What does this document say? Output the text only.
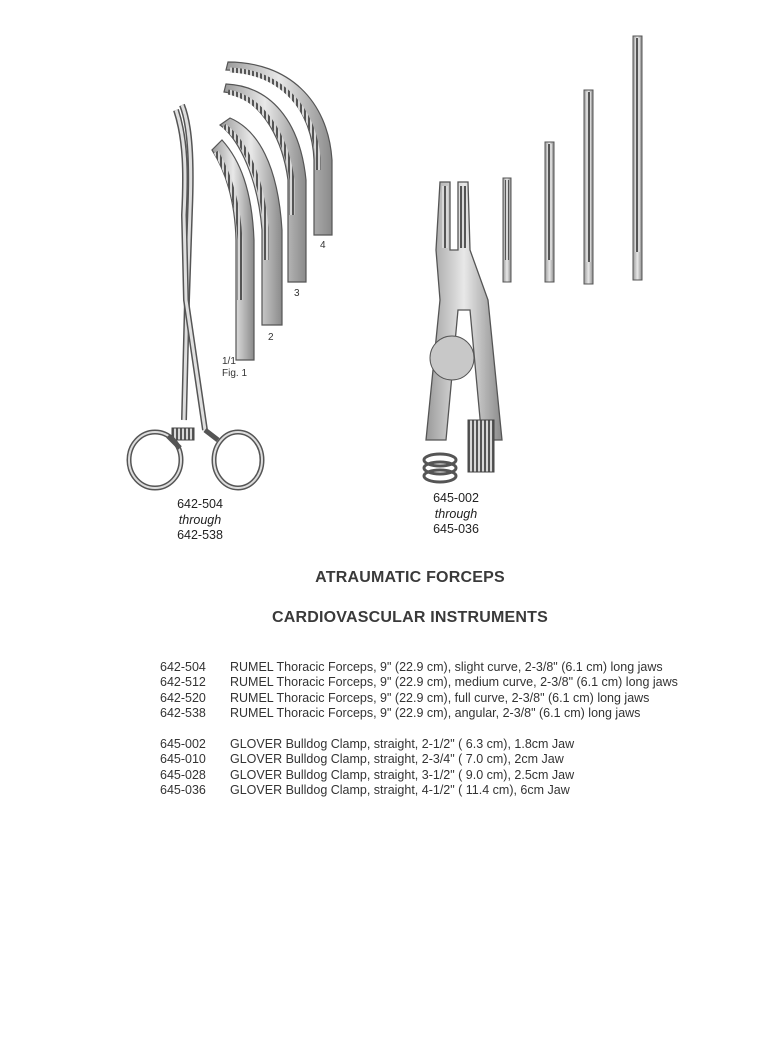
2
3
4
1/1
Fig. 1
642-504
through
642-538
645-002
through
645-036
ATRAUMATIC FORCEPS
CARDIOVASCULAR INSTRUMENTS
642-504	RUMEL Thoracic Forceps, 9" (22.9 cm), slight curve, 2-3/8" (6.1 cm) long jaws
642-512	RUMEL Thoracic Forceps, 9" (22.9 cm), medium curve, 2-3/8" (6.1 cm) long jaws
642-520	RUMEL Thoracic Forceps, 9" (22.9 cm), full curve, 2-3/8" (6.1 cm) long jaws
642-538	RUMEL Thoracic Forceps, 9" (22.9 cm), angular, 2-3/8" (6.1 cm) long jaws
645-002	GLOVER Bulldog Clamp, straight, 2-1/2" ( 6.3 cm), 1.8cm Jaw
645-010	GLOVER Bulldog Clamp, straight, 2-3/4" ( 7.0 cm), 2cm Jaw
645-028	GLOVER Bulldog Clamp, straight, 3-1/2" ( 9.0 cm), 2.5cm Jaw
645-036	GLOVER Bulldog Clamp, straight, 4-1/2" ( 11.4 cm), 6cm Jaw
